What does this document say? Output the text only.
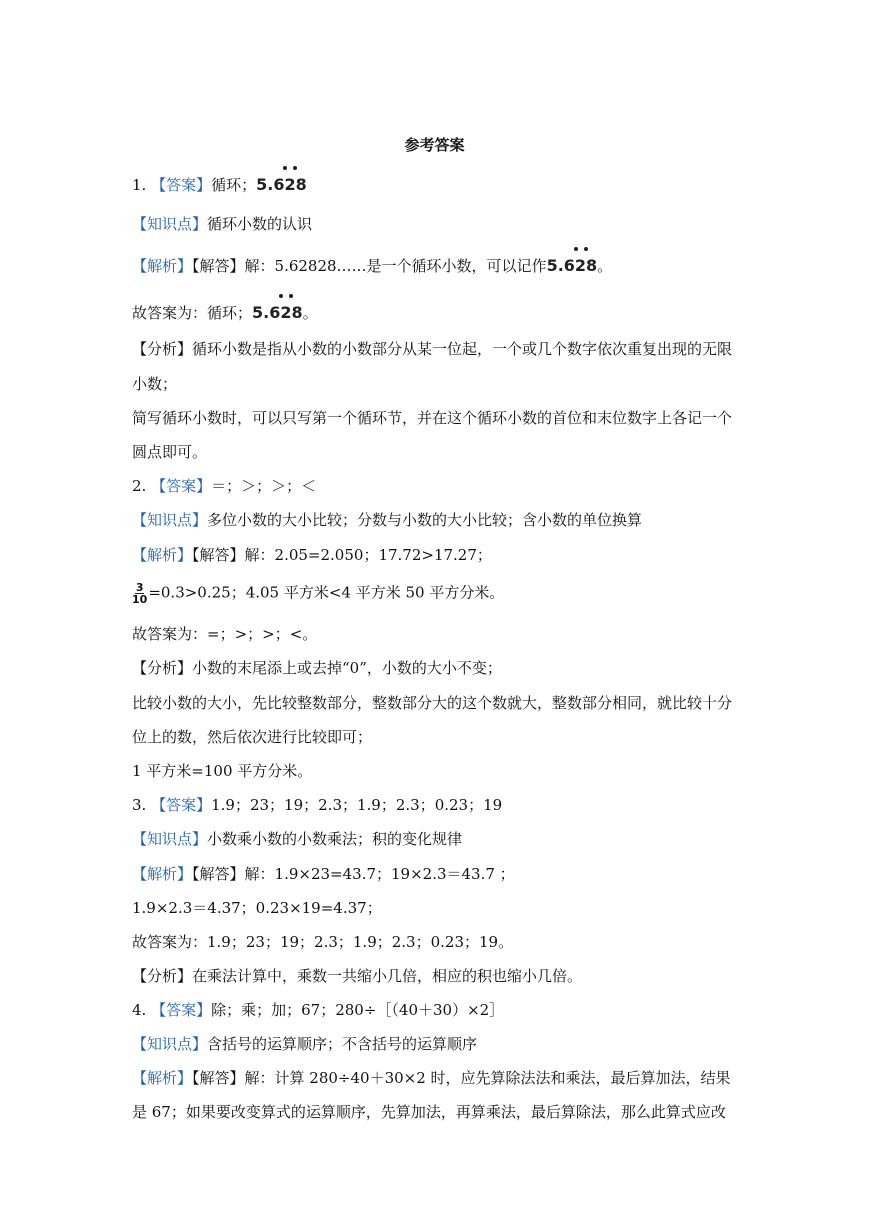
参考答案
1. 【答案】循环；
5.628
【知识点】循环小数的认识
【解析】【解答】解：5.62828……是一个循环小数，可以记作
5.628。
故答案为：循环；
5.628。
【分析】循环小数是指从小数的小数部分从某一位起，一个或几个数字依次重复出现的无限
小数；
简写循环小数时，可以只写第一个循环节，并在这个循环小数的首位和末位数字上各记一个
圆点即可。
2. 【答案】＝；＞；＞；＜
【知识点】多位小数的大小比较；分数与小数的大小比较；含小数的单位换算
【解析】【解答】解：2.05=2.050；17.72>17.27；
$\frac{3}{10} =0.3>0.25$；4.05 平方米<4 平方米 50 平方分米。
故答案为：=；>；>；<。
【分析】小数的末尾添上或去掉“0”，小数的大小不变；
比较小数的大小，先比较整数部分，整数部分大的这个数就大，整数部分相同，就比较十分
位上的数，然后依次进行比较即可；
1 平方米=100 平方分米。
3. 【答案】1.9；23；19；2.3；1.9；2.3；0.23；19
【知识点】小数乘小数的小数乘法；积的变化规律
【解析】【解答】解：1.9×23=43.7；19×2.3＝43.7 ；
1.9×2.3＝4.37；0.23×19=4.37；
故答案为：1.9；23；19；2.3；1.9；2.3；0.23；19。
【分析】在乘法计算中，乘数一共缩小几倍，相应的积也缩小几倍。
4. 【答案】除；乘；加；67；280÷［（40＋30）×2］
【知识点】含括号的运算顺序；不含括号的运算顺序
【解析】【解答】解：计算 280÷40＋30×2 时，应先算除法法和乘法，最后算加法，结果
是 67；如果要改变算式的运算顺序，先算加法，再算乘法，最后算除法，那么此算式应改
